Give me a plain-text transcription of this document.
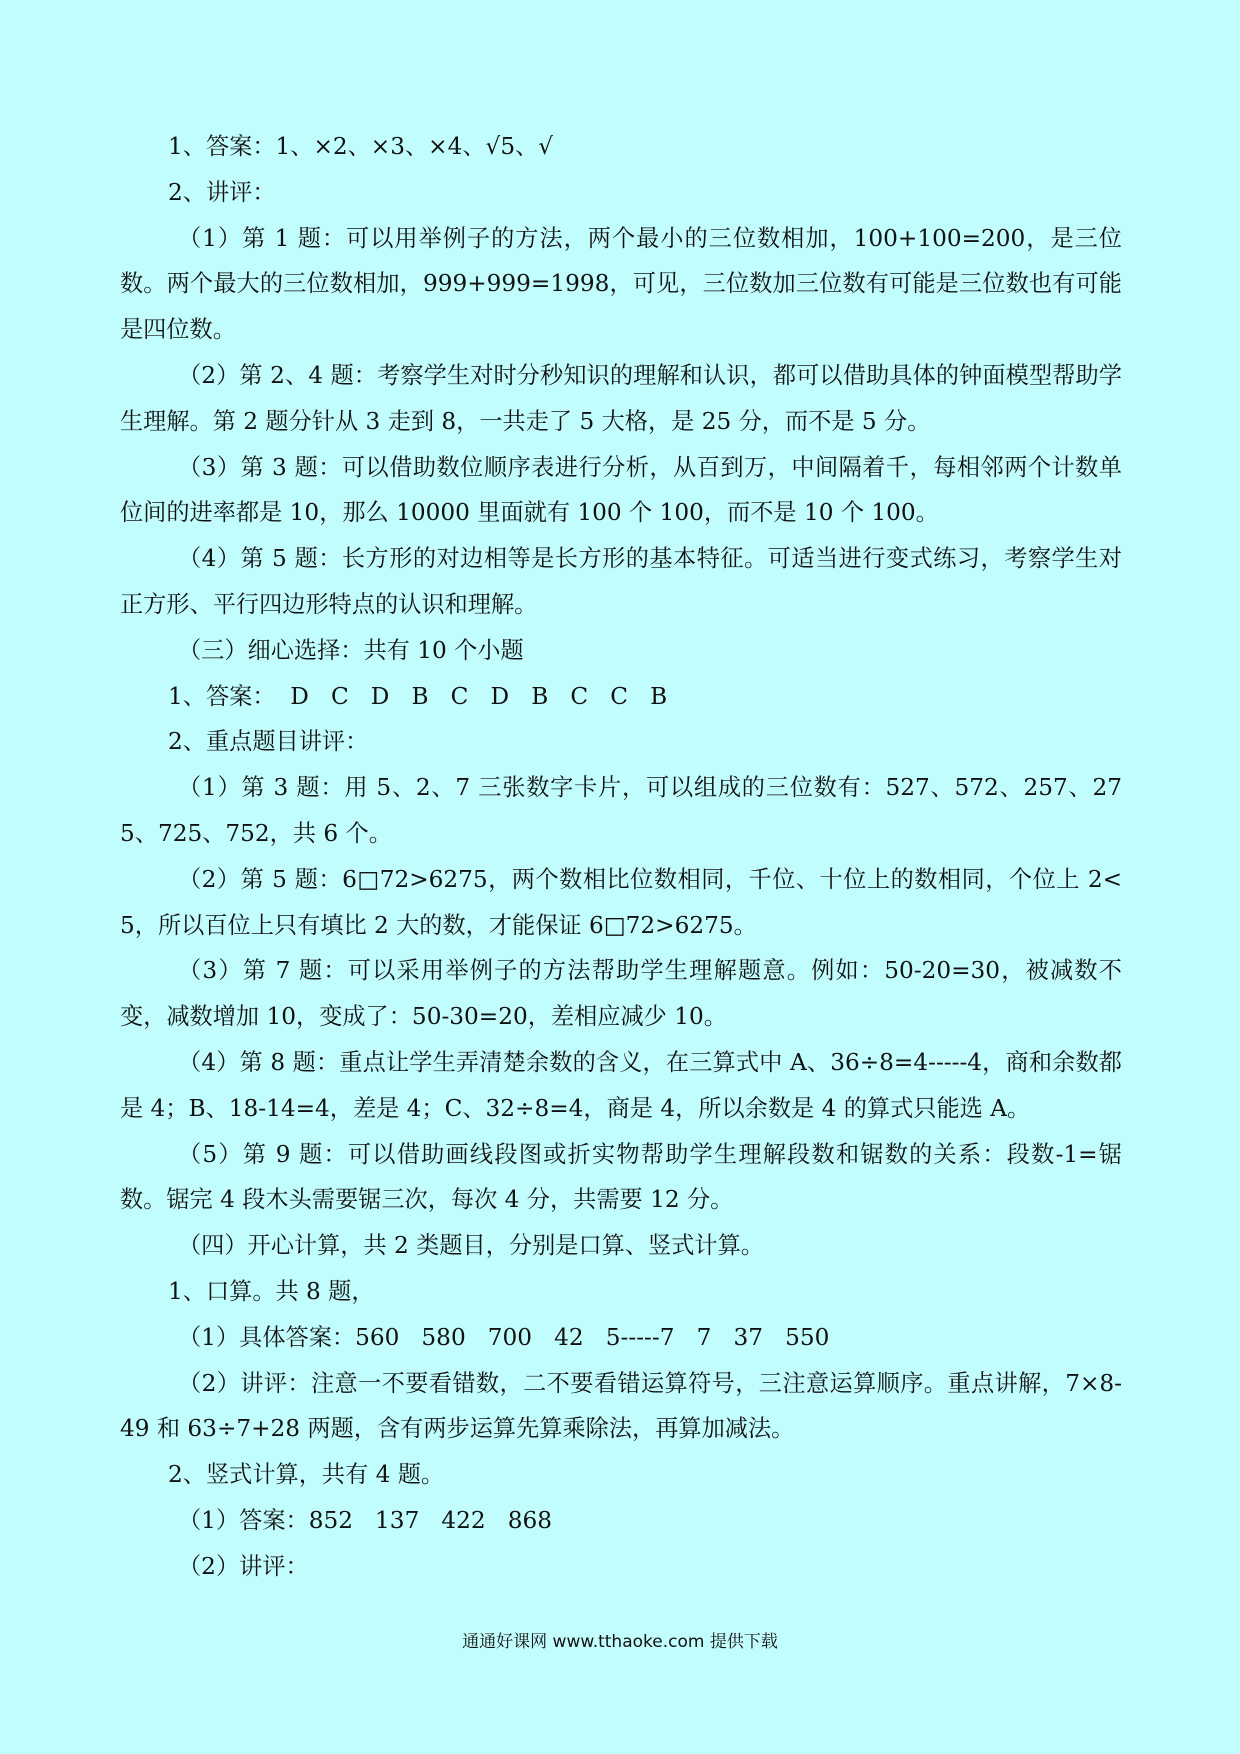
1、答案：1、×2、×3、×4、√5、√

2、讲评：

（1）第 1 题：可以用举例子的方法，两个最小的三位数相加，100+100=200，是三位数。两个最大的三位数相加，999+999=1998，可见，三位数加三位数有可能是三位数也有可能是四位数。

（2）第 2、4 题：考察学生对时分秒知识的理解和认识，都可以借助具体的钟面模型帮助学生理解。第 2 题分针从 3 走到 8，一共走了 5 大格，是 25 分，而不是 5 分。

（3）第 3 题：可以借助数位顺序表进行分析，从百到万，中间隔着千，每相邻两个计数单位间的进率都是 10，那么 10000 里面就有 100 个 100，而不是 10 个 100。

（4）第 5 题：长方形的对边相等是长方形的基本特征。可适当进行变式练习，考察学生对正方形、平行四边形特点的认识和理解。

（三）细心选择：共有 10 个小题

1、答案：  D   C   D   B   C   D   B   C   C   B

2、重点题目讲评：

（1）第 3 题：用 5、2、7 三张数字卡片，可以组成的三位数有：527、572、257、275、725、752，共 6 个。

（2）第 5 题：6□72>6275，两个数相比位数相同，千位、十位上的数相同，个位上 2<5，所以百位上只有填比 2 大的数，才能保证 6□72>6275。

（3）第 7 题：可以采用举例子的方法帮助学生理解题意。例如：50-20=30，被减数不变，减数增加 10，变成了：50-30=20，差相应减少 10。

（4）第 8 题：重点让学生弄清楚余数的含义，在三算式中 A、36÷8=4-----4，商和余数都是 4；B、18-14=4，差是 4；C、32÷8=4，商是 4，所以余数是 4 的算式只能选 A。

（5）第 9 题：可以借助画线段图或折实物帮助学生理解段数和锯数的关系：段数-1=锯数。锯完 4 段木头需要锯三次，每次 4 分，共需要 12 分。

（四）开心计算，共 2 类题目，分别是口算、竖式计算。

1、口算。共 8 题，

（1）具体答案：560   580   700   42   5-----7   7   37   550

（2）讲评：注意一不要看错数，二不要看错运算符号，三注意运算顺序。重点讲解，7×8-49 和 63÷7+28 两题，含有两步运算先算乘除法，再算加减法。

2、竖式计算，共有 4 题。

（1）答案：852   137   422   868

（2）讲评：

通通好课网 www.tthaoke.com 提供下载
